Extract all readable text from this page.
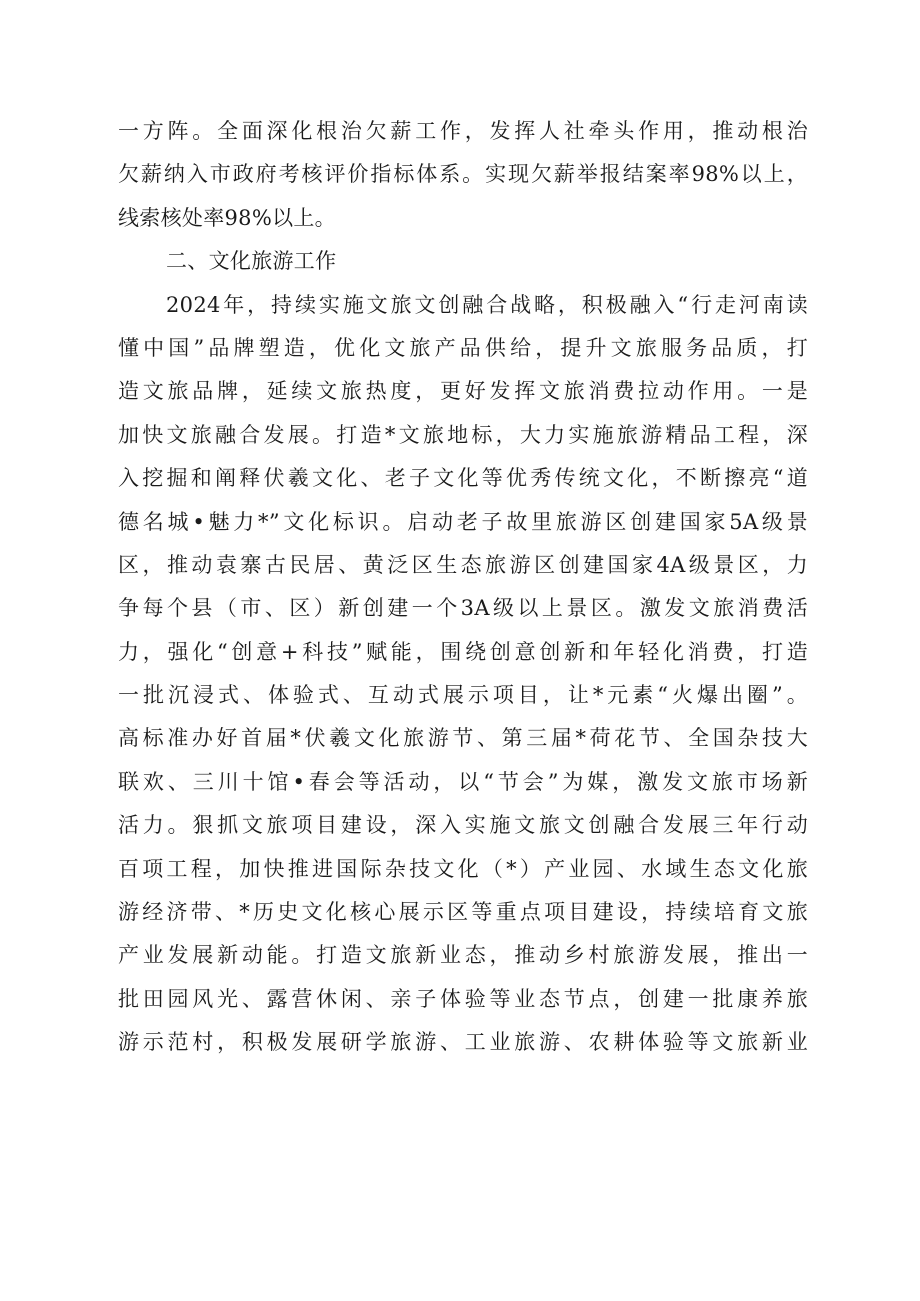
一方阵。全面深化根治欠薪工作，发挥人社牵头作用，推动根治
欠薪纳入市政府考核评价指标体系。实现欠薪举报结案率98%以上，
线索核处率98%以上。
二、文化旅游工作
2024年，持续实施文旅文创融合战略，积极融入“行走河南读
懂中国”品牌塑造，优化文旅产品供给，提升文旅服务品质，打
造文旅品牌，延续文旅热度，更好发挥文旅消费拉动作用。一是
加快文旅融合发展。打造*文旅地标，大力实施旅游精品工程，深
入挖掘和阐释伏羲文化、老子文化等优秀传统文化，不断擦亮“道
德名城•魅力*”文化标识。启动老子故里旅游区创建国家5A级景
区，推动袁寨古民居、黄泛区生态旅游区创建国家4A级景区，力
争每个县（市、区）新创建一个3A级以上景区。激发文旅消费活
力，强化“创意+科技”赋能，围绕创意创新和年轻化消费，打造
一批沉浸式、体验式、互动式展示项目，让*元素“火爆出圈”。
高标准办好首届*伏羲文化旅游节、第三届*荷花节、全国杂技大
联欢、三川十馆•春会等活动，以“节会”为媒，激发文旅市场新
活力。狠抓文旅项目建设，深入实施文旅文创融合发展三年行动
百项工程，加快推进国际杂技文化（*）产业园、水域生态文化旅
游经济带、*历史文化核心展示区等重点项目建设，持续培育文旅
产业发展新动能。打造文旅新业态，推动乡村旅游发展，推出一
批田园风光、露营休闲、亲子体验等业态节点，创建一批康养旅
游示范村，积极发展研学旅游、工业旅游、农耕体验等文旅新业
